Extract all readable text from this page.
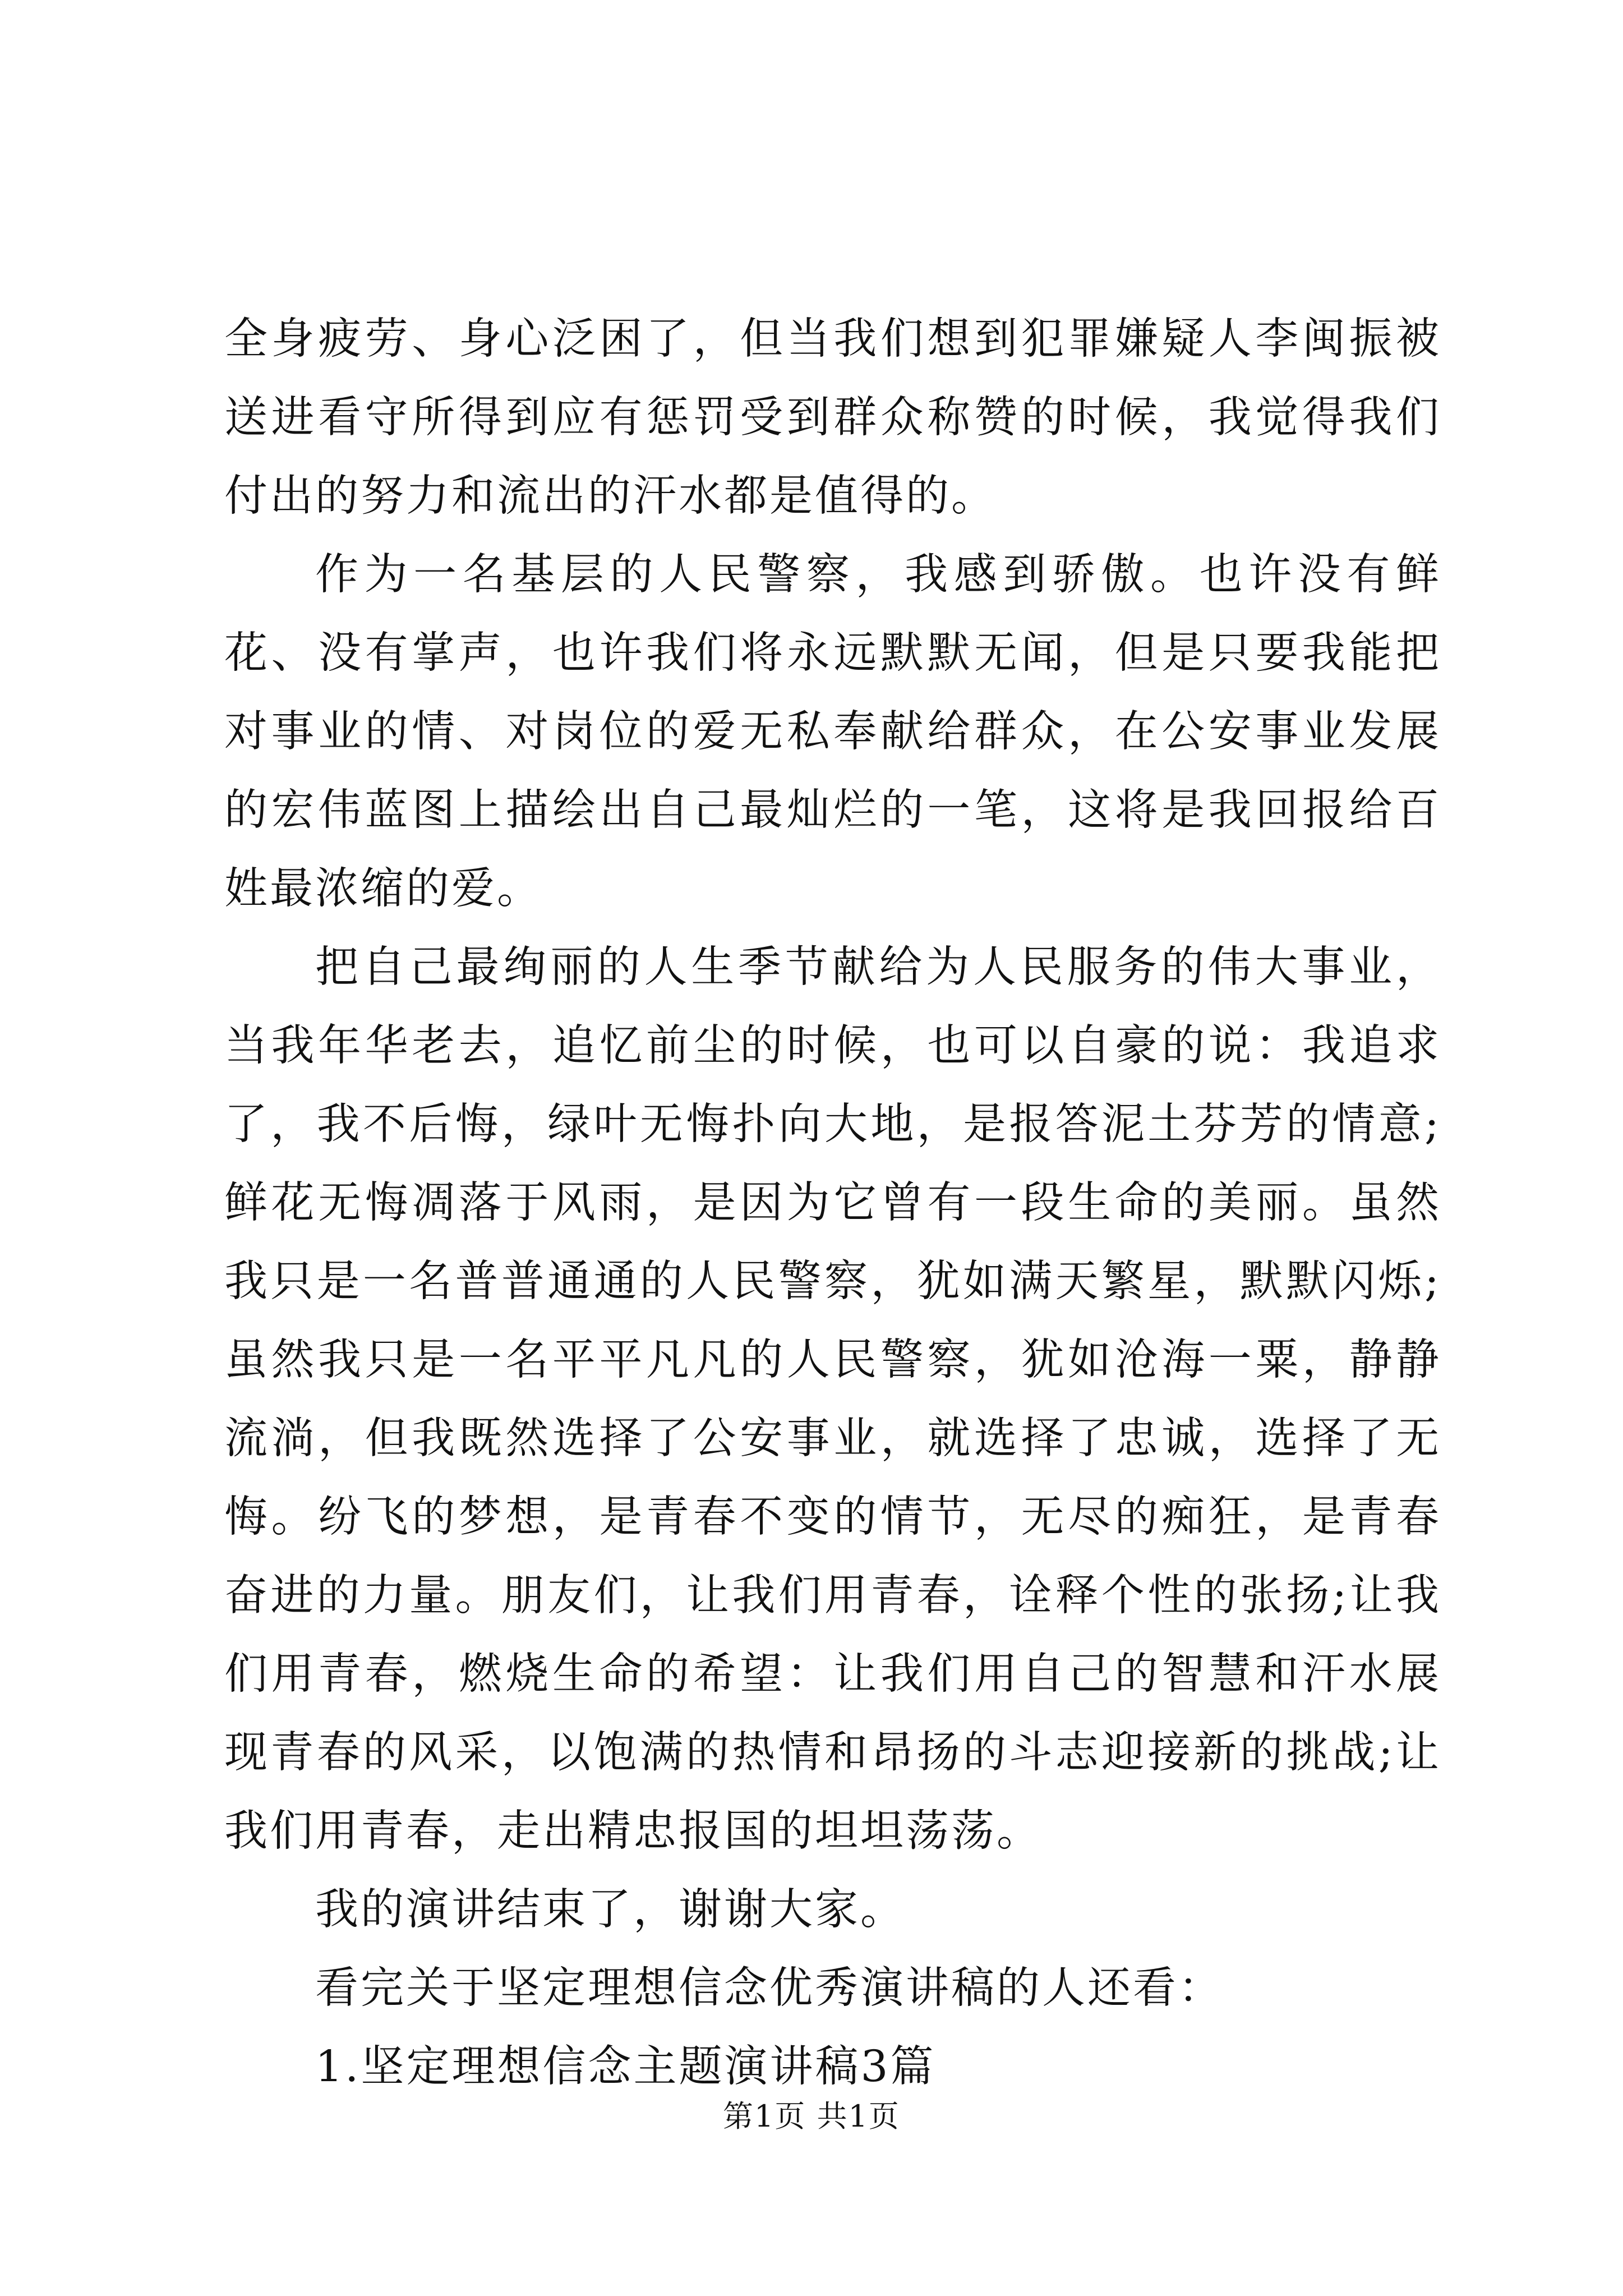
全身疲劳、身心泛困了，但当我们想到犯罪嫌疑人李闽振被送进看守所得到应有惩罚受到群众称赞的时候，我觉得我们付出的努力和流出的汗水都是值得的。

作为一名基层的人民警察，我感到骄傲。也许没有鲜花、没有掌声，也许我们将永远默默无闻，但是只要我能把对事业的情、对岗位的爱无私奉献给群众，在公安事业发展的宏伟蓝图上描绘出自己最灿烂的一笔，这将是我回报给百姓最浓缩的爱。

把自己最绚丽的人生季节献给为人民服务的伟大事业，当我年华老去，追忆前尘的时候，也可以自豪的说：我追求了，我不后悔，绿叶无悔扑向大地，是报答泥土芬芳的情意;鲜花无悔凋落于风雨，是因为它曾有一段生命的美丽。虽然我只是一名普普通通的人民警察，犹如满天繁星，默默闪烁;虽然我只是一名平平凡凡的人民警察，犹如沧海一粟，静静流淌，但我既然选择了公安事业，就选择了忠诚，选择了无悔。纷飞的梦想，是青春不变的情节，无尽的痴狂，是青春奋进的力量。朋友们，让我们用青春，诠释个性的张扬;让我们用青春，燃烧生命的希望：让我们用自己的智慧和汗水展现青春的风采，以饱满的热情和昂扬的斗志迎接新的挑战;让我们用青春，走出精忠报国的坦坦荡荡。

我的演讲结束了，谢谢大家。

看完关于坚定理想信念优秀演讲稿的人还看：

1.坚定理想信念主题演讲稿3篇

第1页 共1页
